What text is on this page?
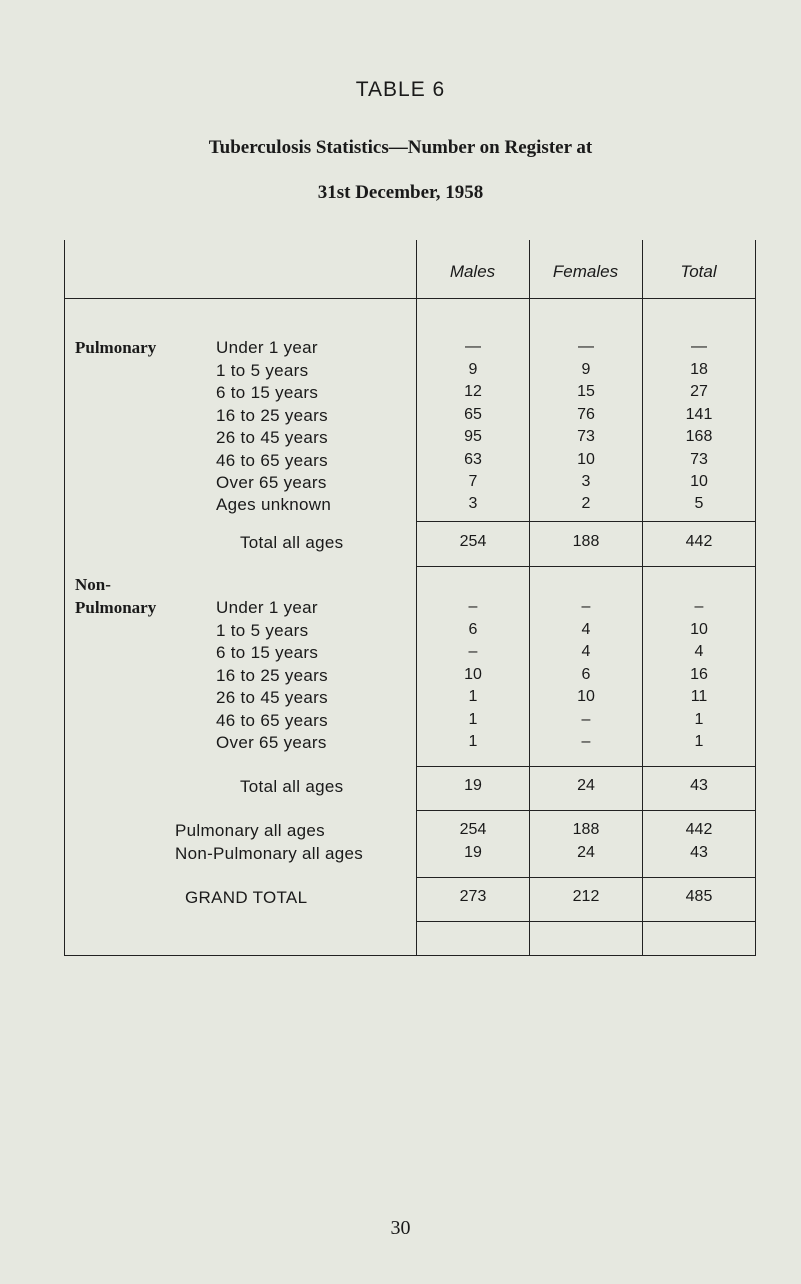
TABLE 6
Tuberculosis Statistics—Number on Register at
31st December, 1958
Males	Females	Total
Pulmonary	Under 1 year	—	—	—
1 to 5 years	9	9	18
6 to 15 years	12	15	27
16 to 25 years	65	76	141
26 to 45 years	95	73	168
46 to 65 years	63	10	73
Over 65 years	7	3	10
Ages unknown	3	2	5
Total all ages	254	188	442
Non-
Pulmonary	Under 1 year	–	–	–
1 to 5 years	6	4	10
6 to 15 years	–	4	4
16 to 25 years	10	6	16
26 to 45 years	1	10	11
46 to 65 years	1	–	1
Over 65 years	1	–	1
Total all ages	19	24	43
Pulmonary all ages	254	188	442
Non-Pulmonary all ages	19	24	43
GRAND TOTAL	273	212	485
30
